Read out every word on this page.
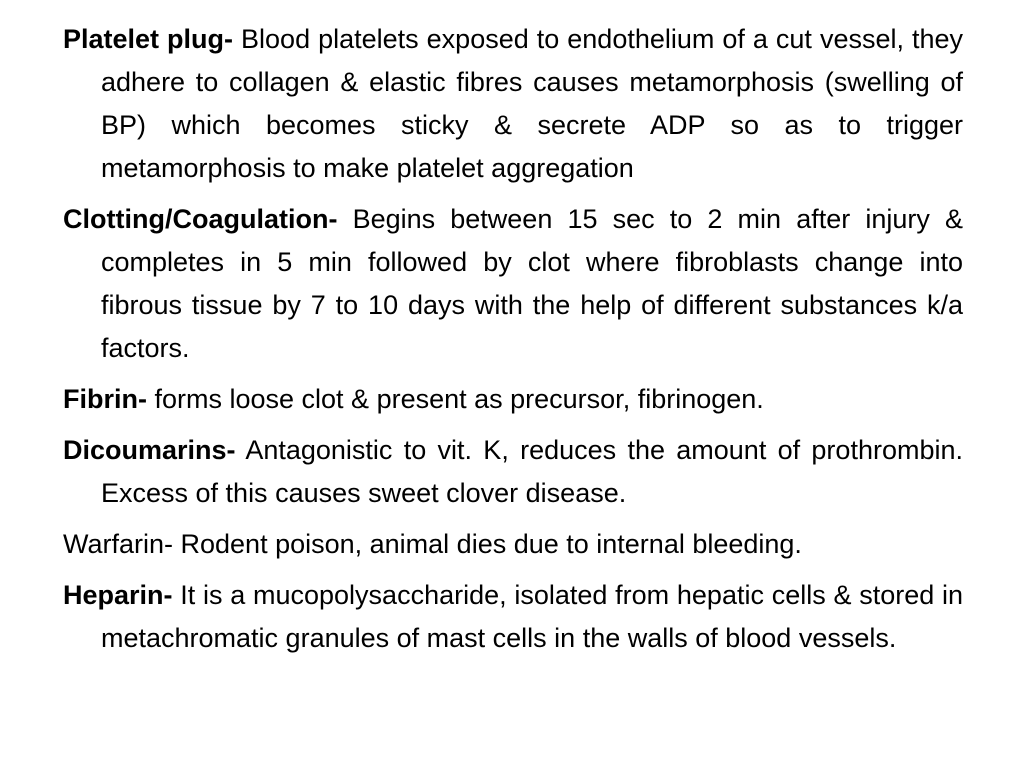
Platelet plug- Blood platelets exposed to endothelium of a cut vessel, they adhere to collagen & elastic fibres causes metamorphosis (swelling of BP) which becomes sticky & secrete ADP so as to trigger metamorphosis to make platelet aggregation

Clotting/Coagulation- Begins between 15 sec to 2 min after injury & completes in 5 min followed by clot where fibroblasts change into fibrous tissue by 7 to 10 days with the help of different substances k/a factors.

Fibrin- forms loose clot & present as precursor, fibrinogen.

Dicoumarins- Antagonistic to vit. K, reduces the amount of prothrombin. Excess of this causes sweet clover disease.

Warfarin- Rodent poison, animal dies due to internal bleeding.

Heparin- It is a mucopolysaccharide, isolated from hepatic cells & stored in metachromatic granules of mast cells in the walls of blood vessels.
